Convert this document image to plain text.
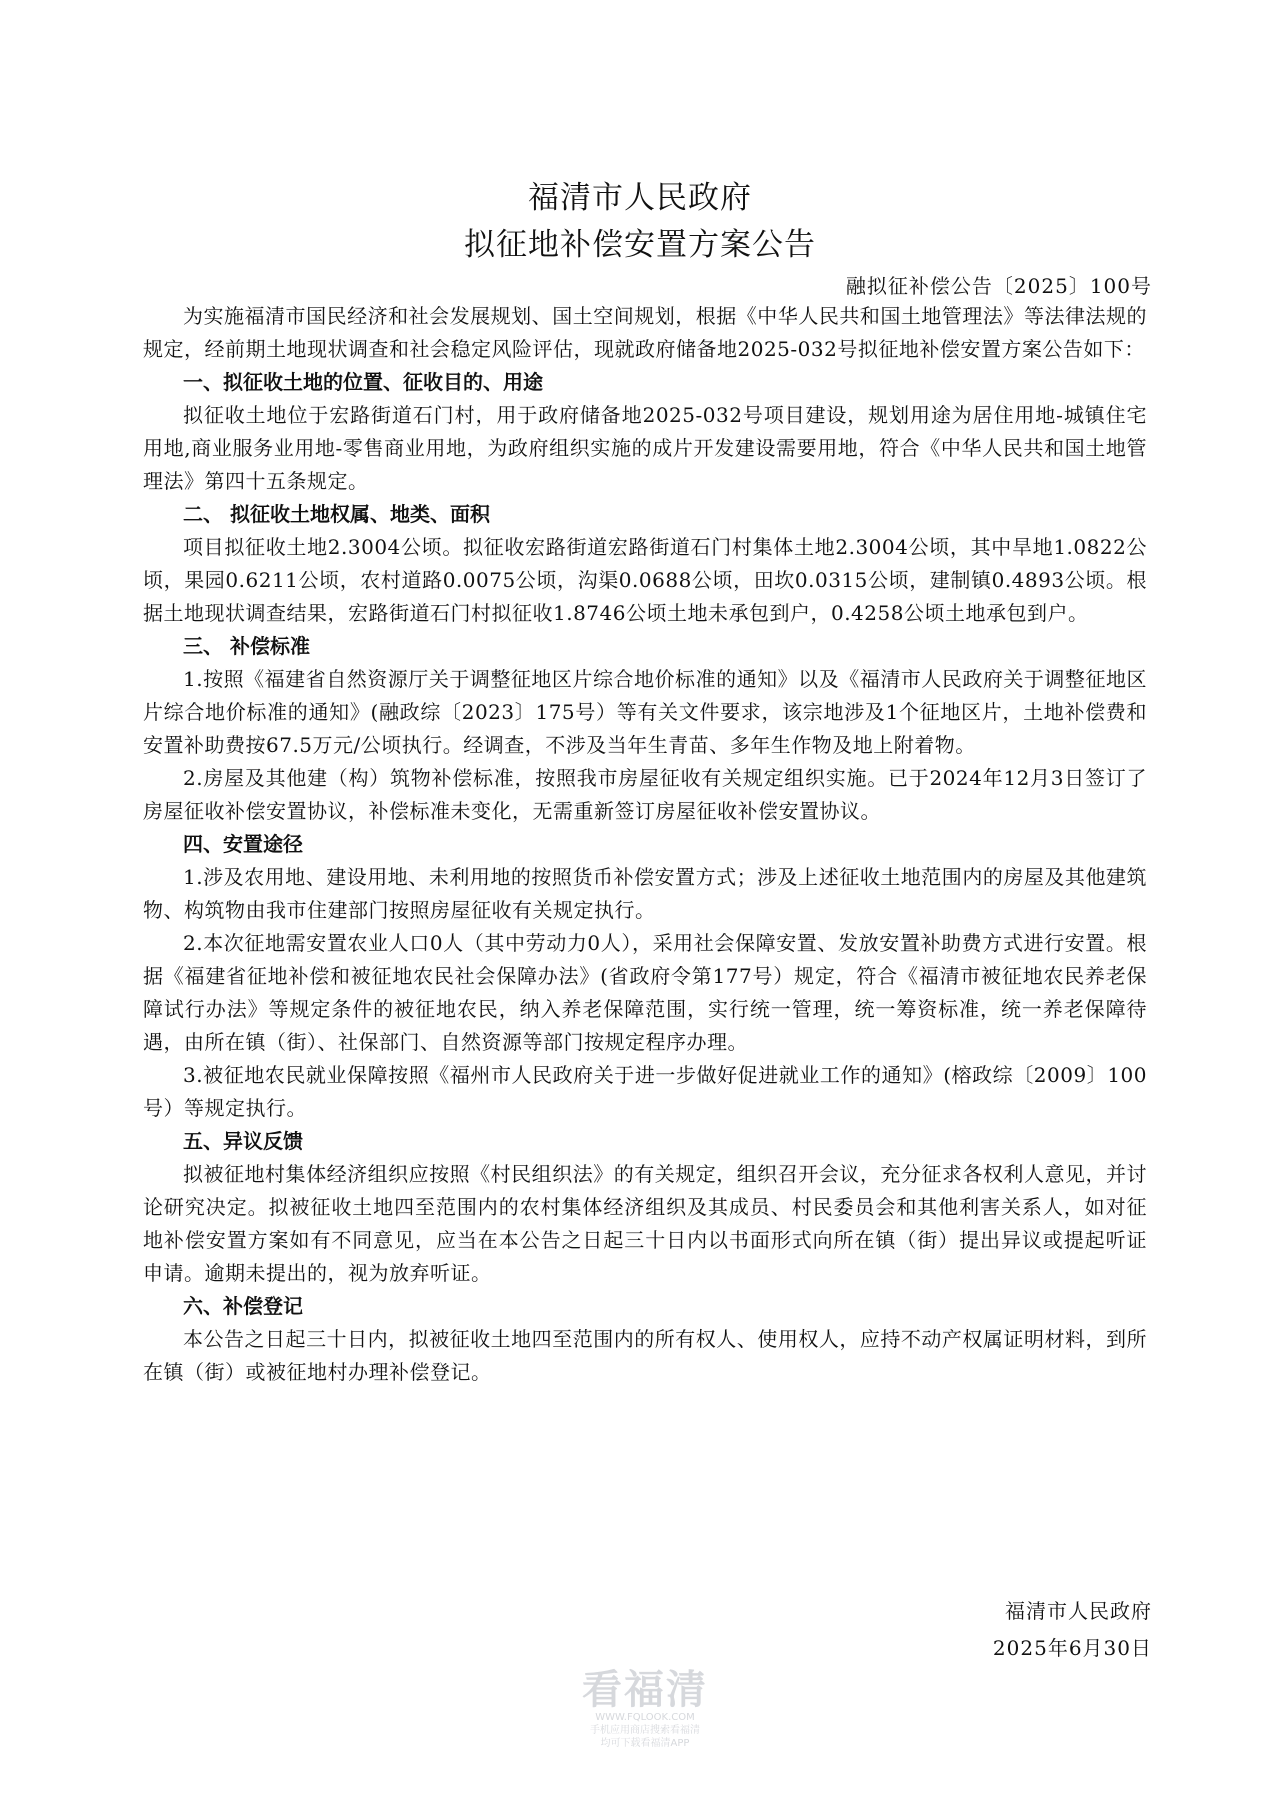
福清市人民政府
拟征地补偿安置方案公告
融拟征补偿公告〔2025〕100号

为实施福清市国民经济和社会发展规划、国土空间规划，根据《中华人民共和国土地管理法》等法律法规的规定，经前期土地现状调查和社会稳定风险评估，现就政府储备地2025-032号拟征地补偿安置方案公告如下：

一、拟征收土地的位置、征收目的、用途

拟征收土地位于宏路街道石门村，用于政府储备地2025-032号项目建设，规划用途为居住用地-城镇住宅用地,商业服务业用地-零售商业用地，为政府组织实施的成片开发建设需要用地，符合《中华人民共和国土地管理法》第四十五条规定。

二、 拟征收土地权属、地类、面积

项目拟征收土地2.3004公顷。拟征收宏路街道宏路街道石门村集体土地2.3004公顷，其中旱地1.0822公顷，果园0.6211公顷，农村道路0.0075公顷，沟渠0.0688公顷，田坎0.0315公顷，建制镇0.4893公顷。根据土地现状调查结果，宏路街道石门村拟征收1.8746公顷土地未承包到户，0.4258公顷土地承包到户。

三、 补偿标准

1.按照《福建省自然资源厅关于调整征地区片综合地价标准的通知》以及《福清市人民政府关于调整征地区片综合地价标准的通知》(融政综〔2023〕175号）等有关文件要求，该宗地涉及1个征地区片，土地补偿费和安置补助费按67.5万元/公顷执行。经调查，不涉及当年生青苗、多年生作物及地上附着物。

2.房屋及其他建（构）筑物补偿标准，按照我市房屋征收有关规定组织实施。已于2024年12月3日签订了房屋征收补偿安置协议，补偿标准未变化，无需重新签订房屋征收补偿安置协议。

四、安置途径

1.涉及农用地、建设用地、未利用地的按照货币补偿安置方式；涉及上述征收土地范围内的房屋及其他建筑物、构筑物由我市住建部门按照房屋征收有关规定执行。

2.本次征地需安置农业人口0人（其中劳动力0人），采用社会保障安置、发放安置补助费方式进行安置。根据《福建省征地补偿和被征地农民社会保障办法》(省政府令第177号）规定，符合《福清市被征地农民养老保障试行办法》等规定条件的被征地农民，纳入养老保障范围，实行统一管理，统一筹资标准，统一养老保障待遇，由所在镇（街）、社保部门、自然资源等部门按规定程序办理。

3.被征地农民就业保障按照《福州市人民政府关于进一步做好促进就业工作的通知》(榕政综〔2009〕100号）等规定执行。

五、异议反馈

拟被征地村集体经济组织应按照《村民组织法》的有关规定，组织召开会议，充分征求各权利人意见，并讨论研究决定。拟被征收土地四至范围内的农村集体经济组织及其成员、村民委员会和其他利害关系人，如对征地补偿安置方案如有不同意见，应当在本公告之日起三十日内以书面形式向所在镇（街）提出异议或提起听证申请。逾期未提出的，视为放弃听证。

六、补偿登记

本公告之日起三十日内，拟被征收土地四至范围内的所有权人、使用权人，应持不动产权属证明材料，到所在镇（街）或被征地村办理补偿登记。

福清市人民政府
2025年6月30日
看福清
WWW.FQLOOK.COM
手机应用商店搜索看福清
均可下载看福清APP
